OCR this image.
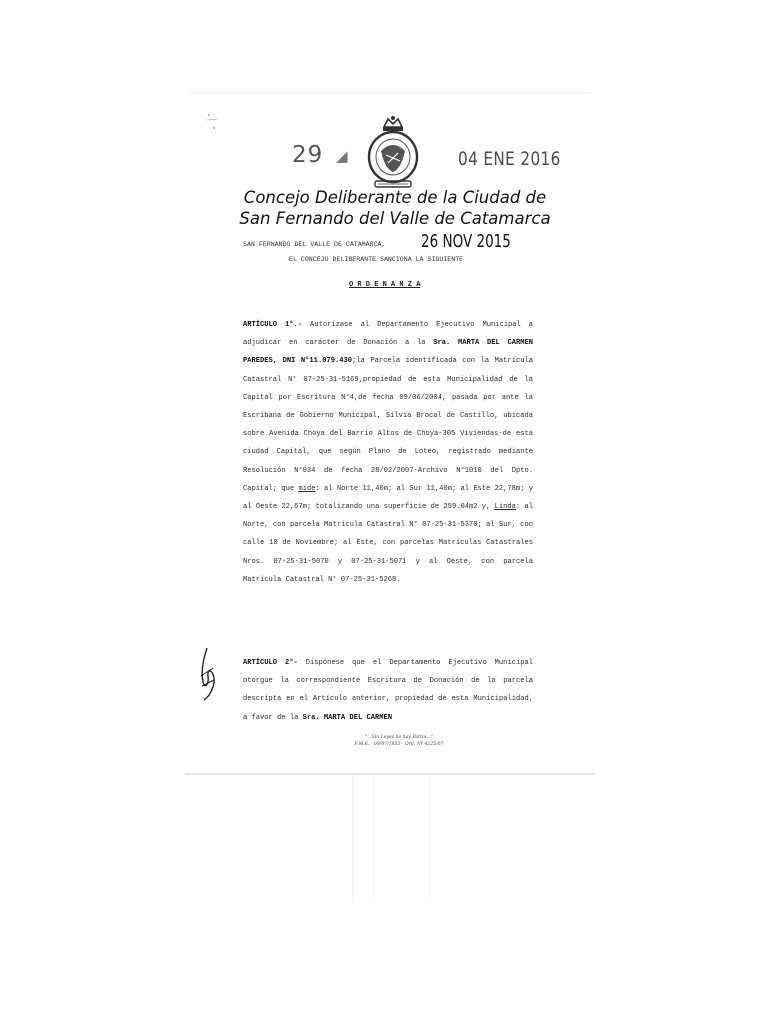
29 ◢	04 ENE 2016
Concejo Deliberante de la Ciudad de
San Fernando del Valle de Catamarca
SAN FERNANDO DEL VALLE DE CATAMARCA, 26 NOV 2015
EL CONCEJO DELIBERANTE SANCIONA LA SIGUIENTE
O R D E N A N Z A
ARTÍCULO 1°.- Autorízase al Departamento Ejecutivo Municipal a adjudicar en carácter de Donación a la Sra. MARTA DEL CARMEN PAREDES, DNI N°11.079.430;la Parcela identificada con la Matrícula Catastral N° 07-25-31-5169,propiedad de esta Municipalidad de la Capital por Escritura N°4,de fecha 09/06/2004, pasada por ante la Escribana de Gobierno Municipal, Silvia Brocal de Castillo, ubicada sobre Avenida Choya del Barrio Altos de Choya-305 Viviendas-de esta ciudad Capital, que según Plano de Loteo, registrado mediante Resolución N°034 de fecha 28/02/2007-Archivo N°1010 del Dpto. Capital; que mide: al Norte 11,40m; al Sur 11,40m; al Este 22,78m; y al Oeste 22,67m; totalizando una superficie de 259.04m2 y, Linda: al Norte, con parcela Matrícula Catastral N° 07-25-31-5370; al Sur, con calle 10 de Noviembre; al Este, con parcelas Matrículas Catastrales Nros. 07-25-31-5070 y 07-25-31-5071 y al Oeste, con parcela Matrícula Catastral N° 07-25-31-5268.
ARTÍCULO 2°- Dispónese que el Departamento Ejecutivo Municipal otorgue la correspondiente Escritura de Donación de la parcela descripta en el Artículo anterior, propiedad de esta Municipalidad, a favor de la Sra. MARTA DEL CARMEN
"...Sin Leyes no hay Patria..."
F.M.E. - 09/07/1853 - Ord. Nº 4225/07
